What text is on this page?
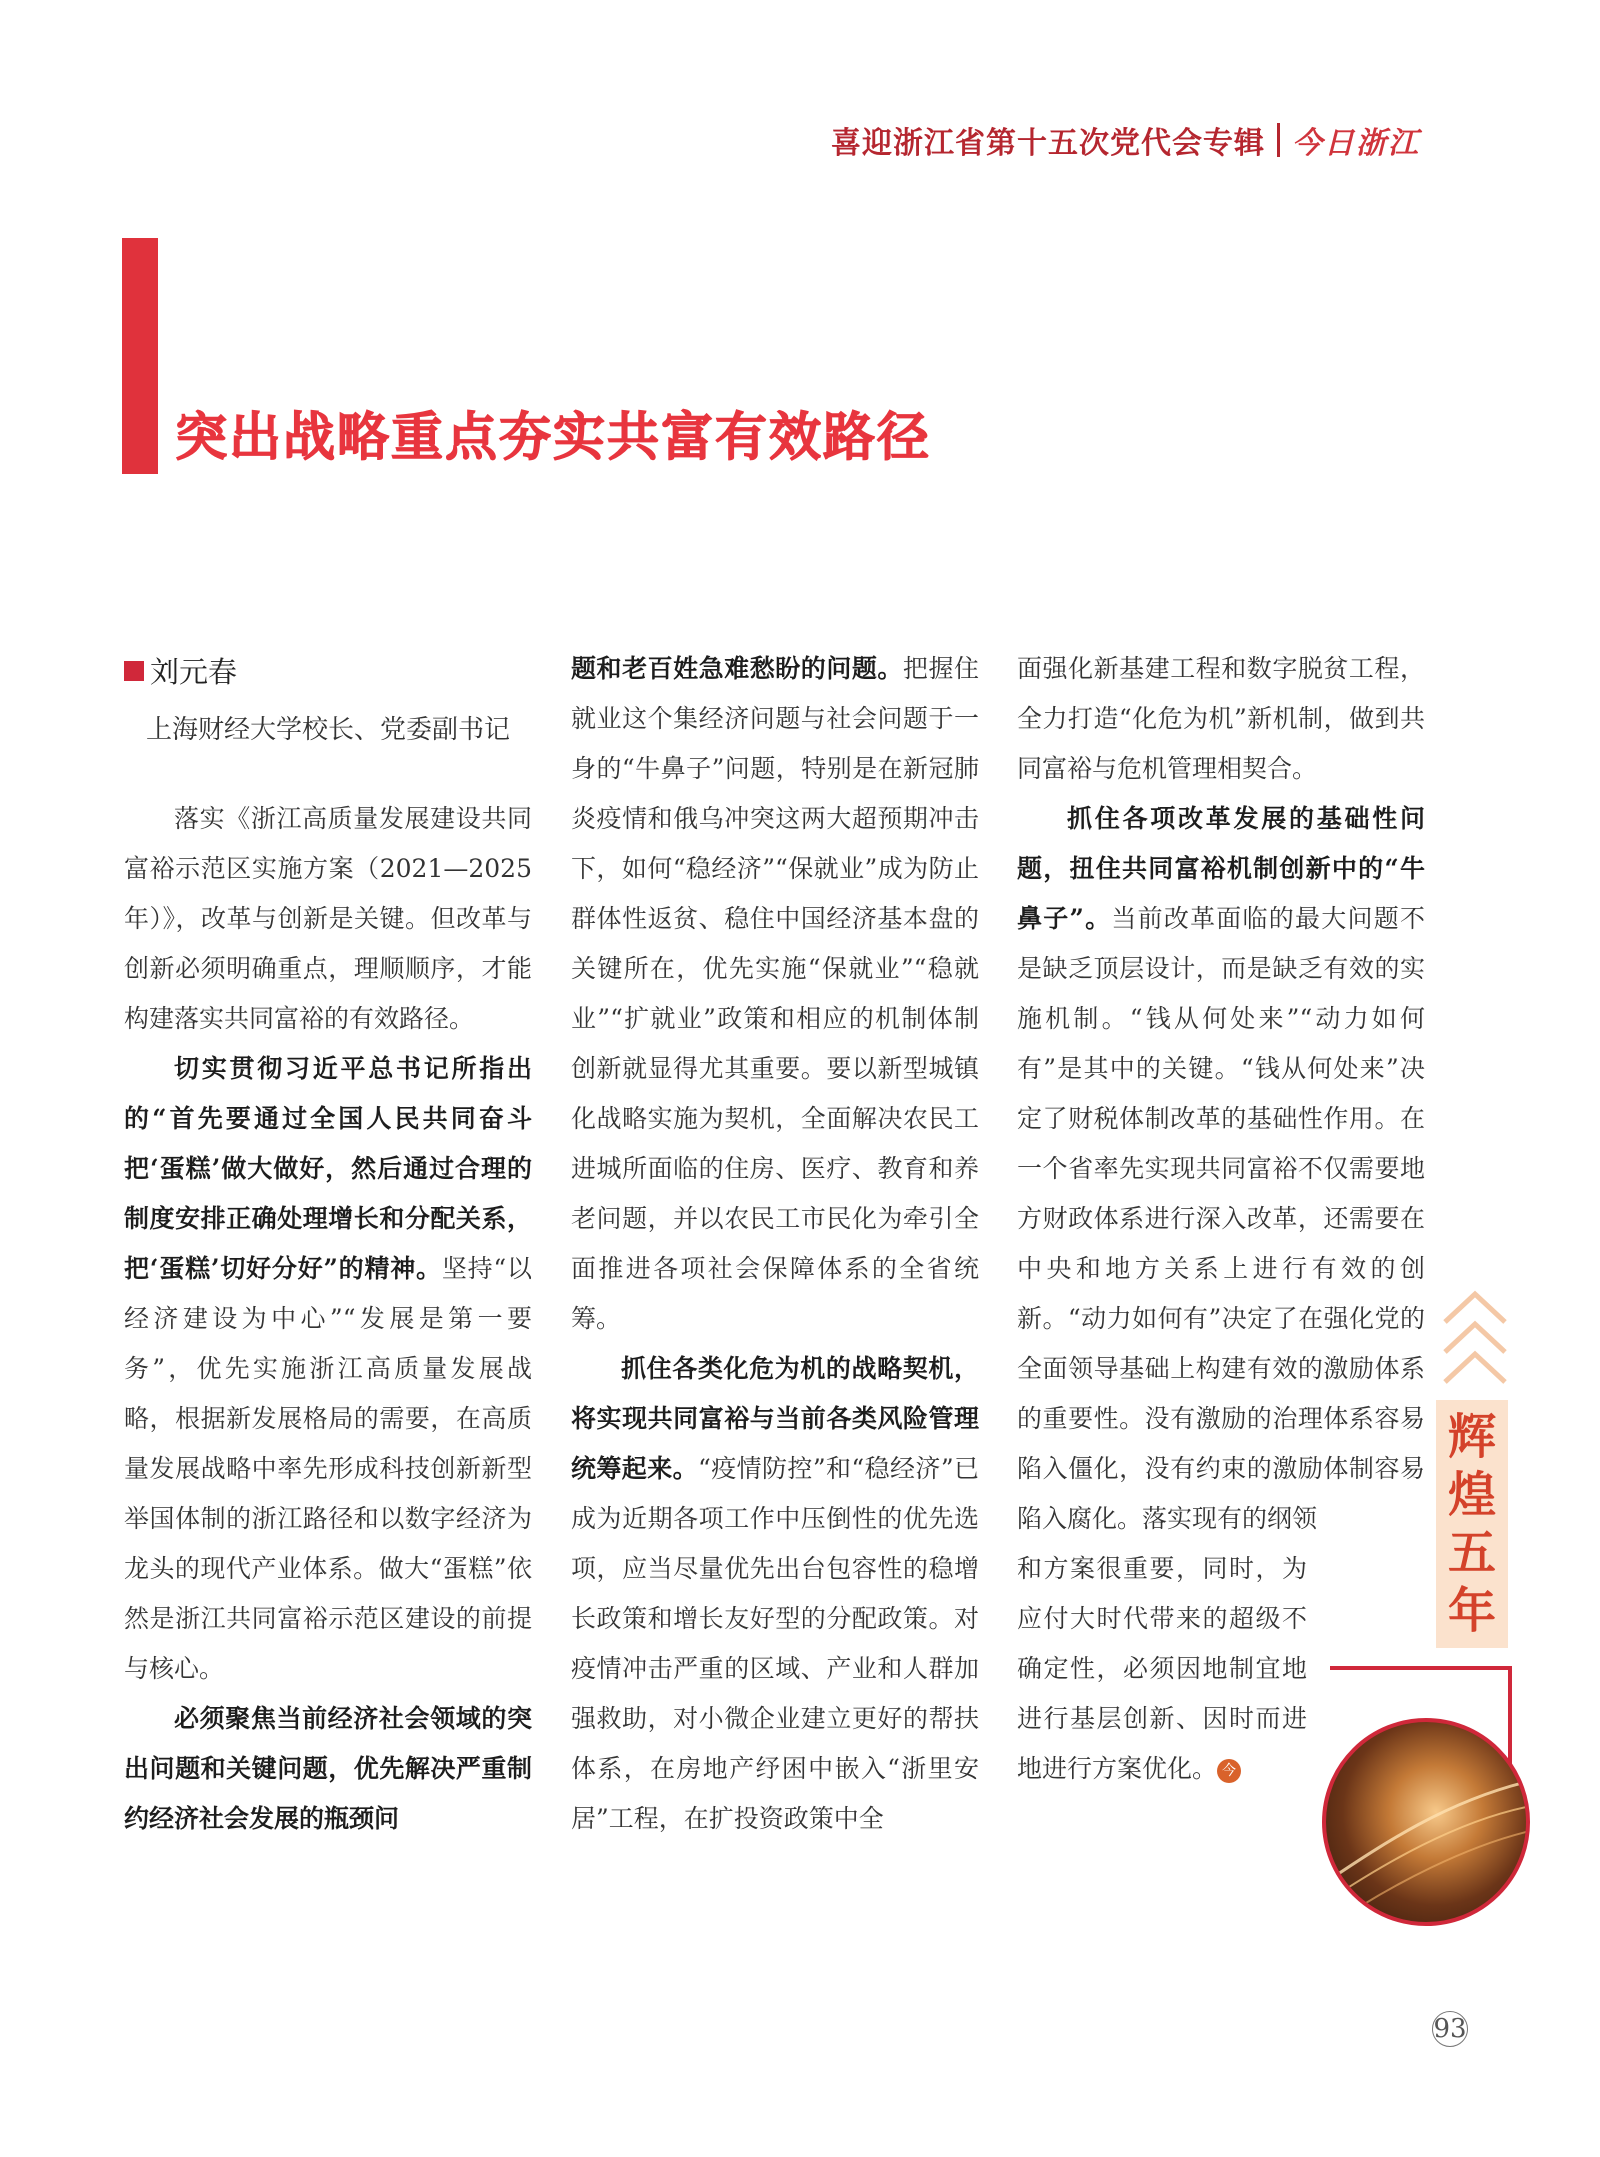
喜迎浙江省第十五次党代会专辑 今日浙江
突出战略重点夯实共富有效路径
刘元春
上海财经大学校长、党委副书记

落实《浙江高质量发展建设共同富裕示范区实施方案（2021—2025年）》，改革与创新是关键。但改革与创新必须明确重点，理顺顺序，才能构建落实共同富裕的有效路径。

切实贯彻习近平总书记所指出的“首先要通过全国人民共同奋斗把‘蛋糕’做大做好，然后通过合理的制度安排正确处理增长和分配关系，把‘蛋糕’切好分好”的精神。坚持“以经济建设为中心”“发展是第一要务”，优先实施浙江高质量发展战略，根据新发展格局的需要，在高质量发展战略中率先形成科技创新新型举国体制的浙江路径和以数字经济为龙头的现代产业体系。做大“蛋糕”依然是浙江共同富裕示范区建设的前提与核心。

必须聚焦当前经济社会领域的突出问题和关键问题，优先解决严重制约经济社会发展的瓶颈问

题和老百姓急难愁盼的问题。把握住就业这个集经济问题与社会问题于一身的“牛鼻子”问题，特别是在新冠肺炎疫情和俄乌冲突这两大超预期冲击下，如何“稳经济”“保就业”成为防止群体性返贫、稳住中国经济基本盘的关键所在，优先实施“保就业”“稳就业”“扩就业”政策和相应的机制体制创新就显得尤其重要。要以新型城镇化战略实施为契机，全面解决农民工进城所面临的住房、医疗、教育和养老问题，并以农民工市民化为牵引全面推进各项社会保障体系的全省统筹。

抓住各类化危为机的战略契机，将实现共同富裕与当前各类风险管理统筹起来。“疫情防控”和“稳经济”已成为近期各项工作中压倒性的优先选项，应当尽量优先出台包容性的稳增长政策和增长友好型的分配政策。对疫情冲击严重的区域、产业和人群加强救助，对小微企业建立更好的帮扶体系，在房地产纾困中嵌入“浙里安居”工程，在扩投资政策中全

面强化新基建工程和数字脱贫工程，全力打造“化危为机”新机制，做到共同富裕与危机管理相契合。

抓住各项改革发展的基础性问题，扭住共同富裕机制创新中的“牛鼻子”。当前改革面临的最大问题不是缺乏顶层设计，而是缺乏有效的实施机制。“钱从何处来”“动力如何有”是其中的关键。“钱从何处来”决定了财税体制改革的基础性作用。在一个省率先实现共同富裕不仅需要地方财政体系进行深入改革，还需要在中央和地方关系上进行有效的创新。“动力如何有”决定了在强化党的全面领导基础上构建有效的激励体系的重要性。没有激励的治理体系容易陷入僵化，没有约束的激励体制容易陷入腐化。落实现有的纲领

和方案很重要，同时，为应付大时代带来的超级不确定性，必须因地制宜地进行基层创新、因时而进地进行方案优化。 今

辉
煌
五
年
93
